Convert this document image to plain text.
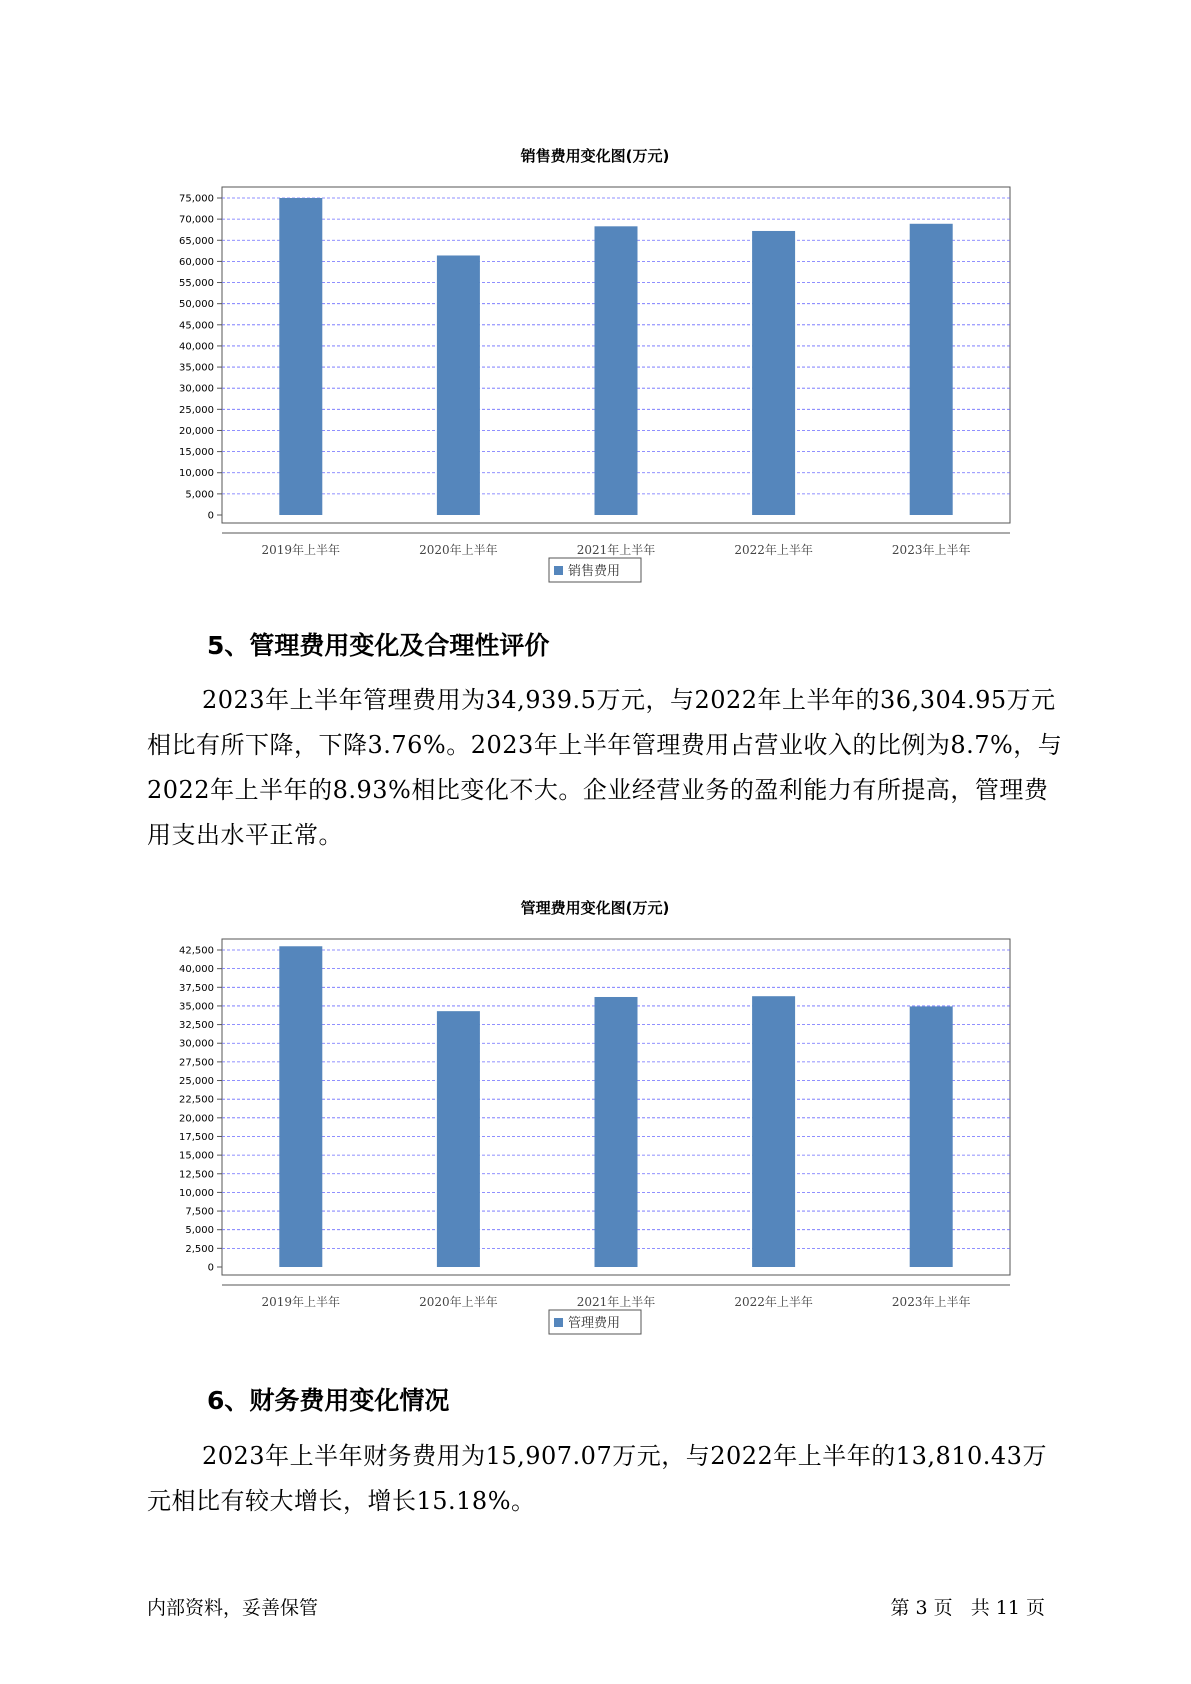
销售费用变化图(万元)
0
5,000
10,000
15,000
20,000
25,000
30,000
35,000
40,000
45,000
50,000
55,000
60,000
65,000
70,000
75,000
2019年上半年	2020年上半年	2021年上半年	2022年上半年	2023年上半年
销售费用
5、管理费用变化及合理性评价

2023年上半年管理费用为34,939.5万元，与2022年上半年的36,304.95万元相比有所下降，下降3.76%。2023年上半年管理费用占营业收入的比例为8.7%，与2022年上半年的8.93%相比变化不大。企业经营业务的盈利能力有所提高，管理费用支出水平正常。

管理费用变化图(万元)
0
2,500
5,000
7,500
10,000
12,500
15,000
17,500
20,000
22,500
25,000
27,500
30,000
32,500
35,000
37,500
40,000
42,500
2019年上半年	2020年上半年	2021年上半年	2022年上半年	2023年上半年
管理费用
6、财务费用变化情况

2023年上半年财务费用为15,907.07万元，与2022年上半年的13,810.43万元相比有较大增长，增长15.18%。

内部资料，妥善保管	第 3 页   共 11 页
